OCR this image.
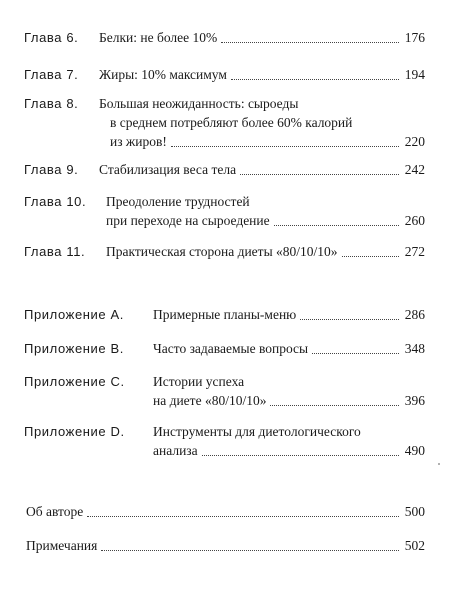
Глава 6. Белки: не более 10%	176
Глава 7. Жиры: 10% максимум	194
Глава 8. Большая неожиданность: сыроеды
в среднем потребляют более 60% калорий
из жиров!	220
Глава 9. Стабилизация веса тела	242
Глава 10. Преодоление трудностей
при переходе на сыроедение	260
Глава 11. Практическая сторона диеты «80/10/10»	272
Приложение A. Примерные планы-меню	286
Приложение B. Часто задаваемые вопросы	348
Приложение C. Истории успеха
на диете «80/10/10»	396
Приложение D. Инструменты для диетологического
анализа	490
Об авторе	500
Примечания	502
